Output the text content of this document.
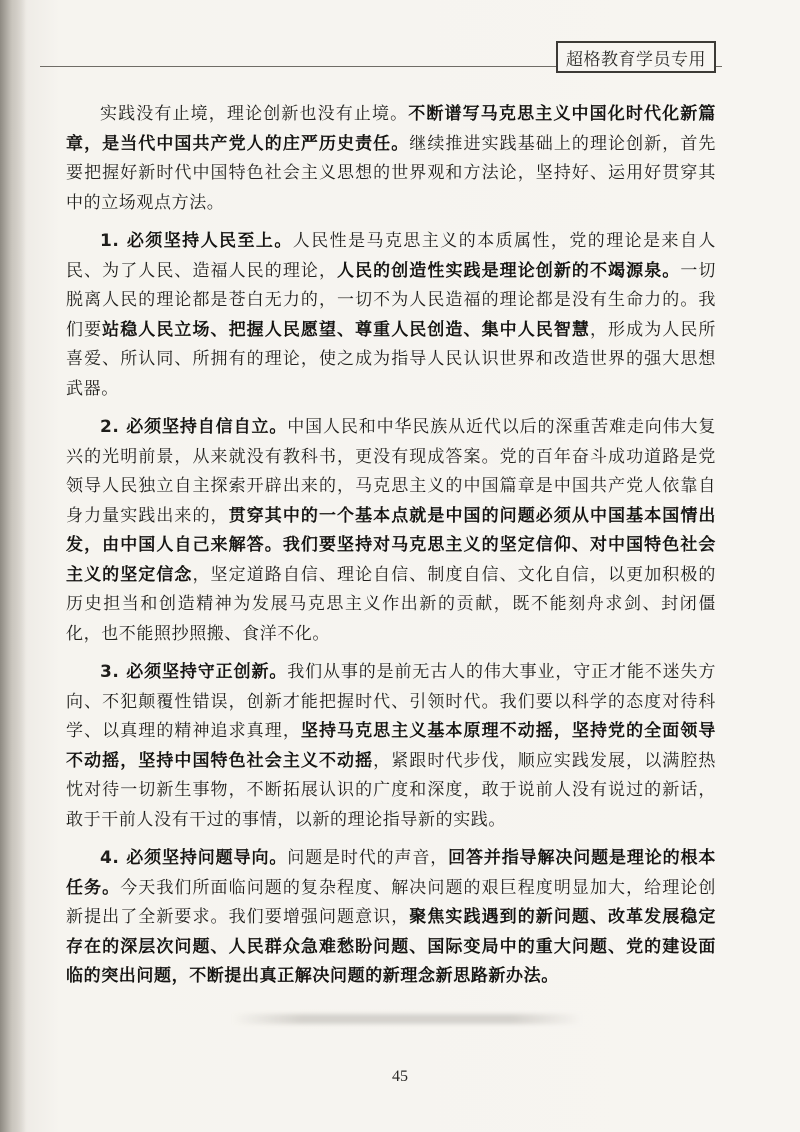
超格教育学员专用

实践没有止境，理论创新也没有止境。不断谱写马克思主义中国化时代化新篇章，是当代中国共产党人的庄严历史责任。继续推进实践基础上的理论创新，首先要把握好新时代中国特色社会主义思想的世界观和方法论，坚持好、运用好贯穿其中的立场观点方法。

1. 必须坚持人民至上。人民性是马克思主义的本质属性，党的理论是来自人民、为了人民、造福人民的理论，人民的创造性实践是理论创新的不竭源泉。一切脱离人民的理论都是苍白无力的，一切不为人民造福的理论都是没有生命力的。我们要站稳人民立场、把握人民愿望、尊重人民创造、集中人民智慧，形成为人民所喜爱、所认同、所拥有的理论，使之成为指导人民认识世界和改造世界的强大思想武器。

2. 必须坚持自信自立。中国人民和中华民族从近代以后的深重苦难走向伟大复兴的光明前景，从来就没有教科书，更没有现成答案。党的百年奋斗成功道路是党领导人民独立自主探索开辟出来的，马克思主义的中国篇章是中国共产党人依靠自身力量实践出来的，贯穿其中的一个基本点就是中国的问题必须从中国基本国情出发，由中国人自己来解答。我们要坚持对马克思主义的坚定信仰、对中国特色社会主义的坚定信念，坚定道路自信、理论自信、制度自信、文化自信，以更加积极的历史担当和创造精神为发展马克思主义作出新的贡献，既不能刻舟求剑、封闭僵化，也不能照抄照搬、食洋不化。

3. 必须坚持守正创新。我们从事的是前无古人的伟大事业，守正才能不迷失方向、不犯颠覆性错误，创新才能把握时代、引领时代。我们要以科学的态度对待科学、以真理的精神追求真理，坚持马克思主义基本原理不动摇，坚持党的全面领导不动摇，坚持中国特色社会主义不动摇，紧跟时代步伐，顺应实践发展，以满腔热忱对待一切新生事物，不断拓展认识的广度和深度，敢于说前人没有说过的新话，敢于干前人没有干过的事情，以新的理论指导新的实践。

4. 必须坚持问题导向。问题是时代的声音，回答并指导解决问题是理论的根本任务。今天我们所面临问题的复杂程度、解决问题的艰巨程度明显加大，给理论创新提出了全新要求。我们要增强问题意识，聚焦实践遇到的新问题、改革发展稳定存在的深层次问题、人民群众急难愁盼问题、国际变局中的重大问题、党的建设面临的突出问题，不断提出真正解决问题的新理念新思路新办法。

45
